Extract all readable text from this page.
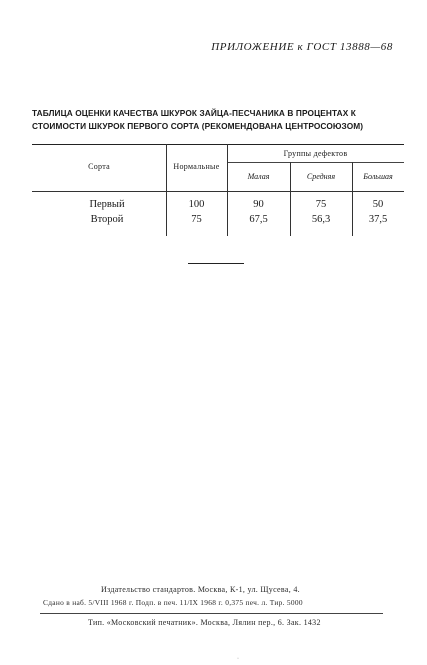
ПРИЛОЖЕНИЕ к ГОСТ 13888—68
ТАБЛИЦА ОЦЕНКИ КАЧЕСТВА ШКУРОК ЗАЙЦА-ПЕСЧАНИКА В ПРОЦЕНТАХ К
СТОИМОСТИ ШКУРОК ПЕРВОГО СОРТА (РЕКОМЕНДОВАНА ЦЕНТРОСОЮЗОМ)
Сорта	Нормальные
Группы дефектов
Малая	Средняя	Большая
Первый	100	90	75	50
Второй	75	67,5	56,3	37,5
Издательство стандартов. Москва, К-1, ул. Щусева, 4.
Сдано в наб. 5/VIII 1968 г. Подп. в печ. 11/IX 1968 г. 0,375 печ. л. Тир. 5000
Тип. «Московский печатник». Москва, Лялин пер., 6. Зак. 1432
·
